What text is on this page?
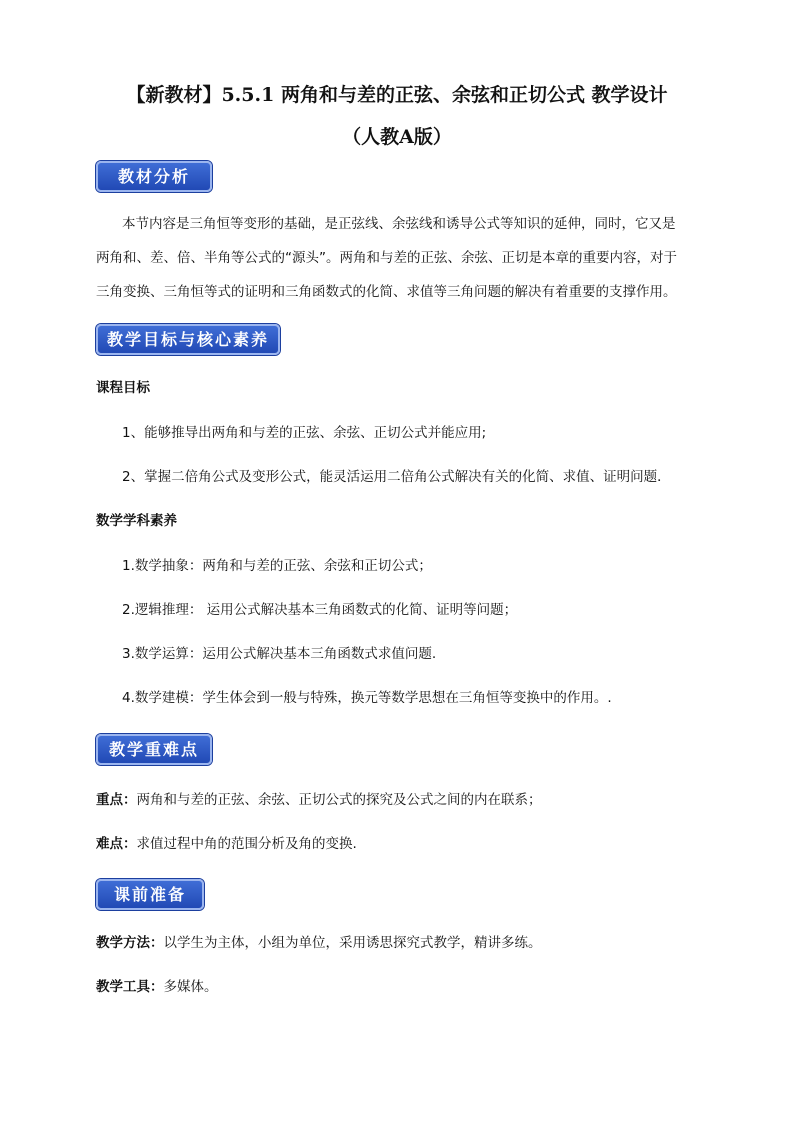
【新教材】5.5.1 两角和与差的正弦、余弦和正切公式 教学设计
（人教A版）
教材分析
本节内容是三角恒等变形的基础，是正弦线、余弦线和诱导公式等知识的延伸，同时，它又是
两角和、差、倍、半角等公式的“源头”。两角和与差的正弦、余弦、正切是本章的重要内容，对于
三角变换、三角恒等式的证明和三角函数式的化简、求值等三角问题的解决有着重要的支撑作用。
教学目标与核心素养
课程目标
1、能够推导出两角和与差的正弦、余弦、正切公式并能应用;
2、掌握二倍角公式及变形公式，能灵活运用二倍角公式解决有关的化简、求值、证明问题．
数学学科素养
1.数学抽象：两角和与差的正弦、余弦和正切公式；
2.逻辑推理： 运用公式解决基本三角函数式的化简、证明等问题；
3.数学运算：运用公式解决基本三角函数式求值问题.
4.数学建模：学生体会到一般与特殊，换元等数学思想在三角恒等变换中的作用。.
教学重难点
重点：两角和与差的正弦、余弦、正切公式的探究及公式之间的内在联系；
难点：求值过程中角的范围分析及角的变换.
课前准备
教学方法：以学生为主体，小组为单位，采用诱思探究式教学，精讲多练。
教学工具：多媒体。
